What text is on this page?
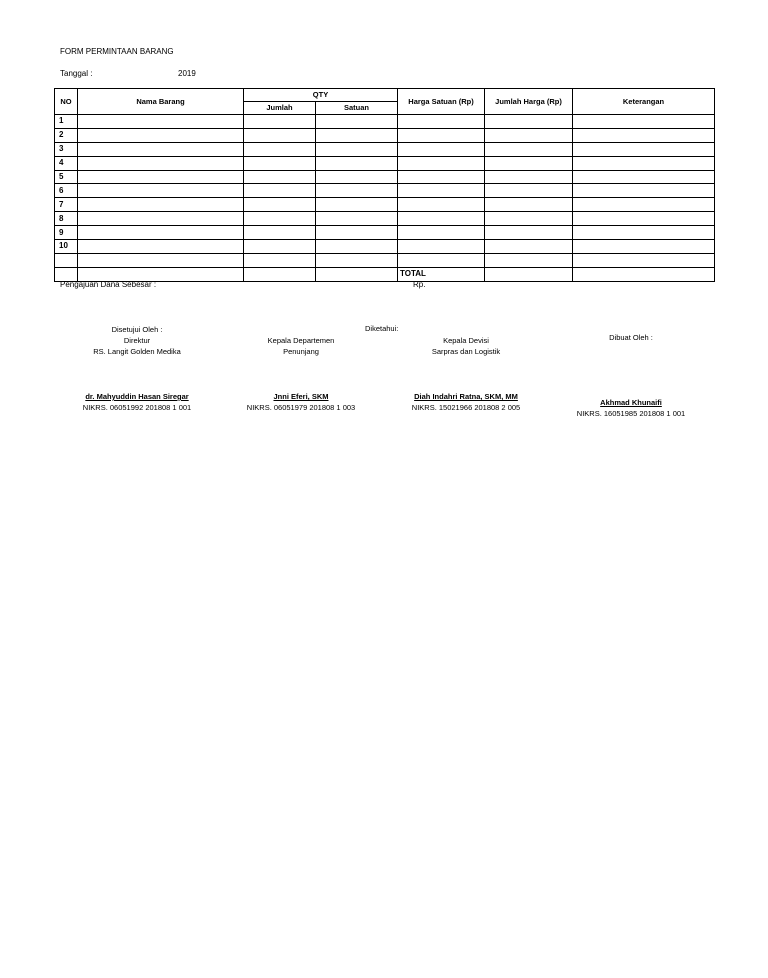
FORM PERMINTAAN BARANG
Tanggal :	2019
NO	Nama Barang	QTY		Harga Satuan (Rp)	Jumlah Harga (Rp)	Keterangan
		Jumlah	Satuan			
1						
2						
3						
4						
5						
6						
7						
8						
9						
10						

				TOTAL		
Pengajuan Dana Sebesar :	Rp.
Disetujui Oleh :
Direktur
RS. Langit Golden Medika
dr. Mahyuddin Hasan Siregar
NIKRS. 06051992 201808 1 001
Diketahui:
Kepala Departemen
Penunjang
Jnni Eferi, SKM
NIKRS. 06051979 201808 1 003
Kepala Devisi
Sarpras dan Logistik
Diah Indahri Ratna, SKM, MM
NIKRS. 15021966 201808 2 005
Dibuat Oleh :
Akhmad Khunaifi
NIKRS. 16051985 201808 1 001
